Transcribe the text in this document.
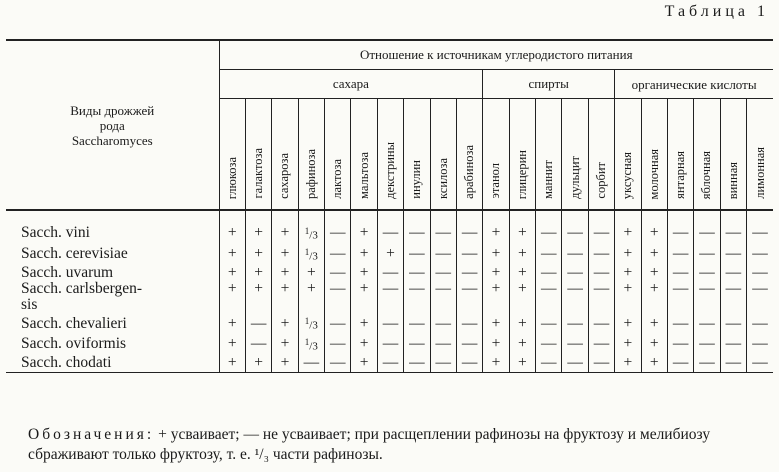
Таблица 1
Виды дрожжей
рода
Saccharomyces	Отношение к источникам углеродистого питания																				
	сахара										спирты					органические кислоты					
	глюкоза	галактоза	сахароза	рафиноза	лактоза	мальтоза	декстрины	инулин	ксилоза	арабиноза	этанол	глицерин	маннит	дульцит	сорбит	уксусная	молочная	янтарная	яблочная	винная	лимонная

Sacch. vini	+	+	+	$^1$/3	—	+	—	—	—	—	+	+	—	—	—	+	+	—	—	—	—

Sacch. cerevisiae	+	+	+	$^1$/3	—	+	+	—	—	—	+	+	—	—	—	+	+	—	—	—	—

Sacch. uvarum	+	+	+	+	—	+	—	—	—	—	+	+	—	—	—	+	+	—	—	—	—

Sacch. carlsbergen-
sis	+	+	+	+	—	+	—	—	—	—	+	+	—	—	—	+	+	—	—	—	—

Sacch. chevalieri	+	—	+	$^1$/3	—	+	—	—	—	—	+	+	—	—	—	+	+	—	—	—	—

Sacch. oviformis	+	—	+	$^1$/3	—	+	—	—	—	—	+	+	—	—	—	+	+	—	—	—	—

Sacch. chodati	+	+	+	—	—	+	—	—	—	—	+	+	—	—	—	+	+	—	—	—	—

Обозначения: + усваивает; — не усваивает; при расщеплении рафинозы на фруктозу и мелибиозу сбраживают только фруктозу, т. е. ¹/₃ части рафинозы.
